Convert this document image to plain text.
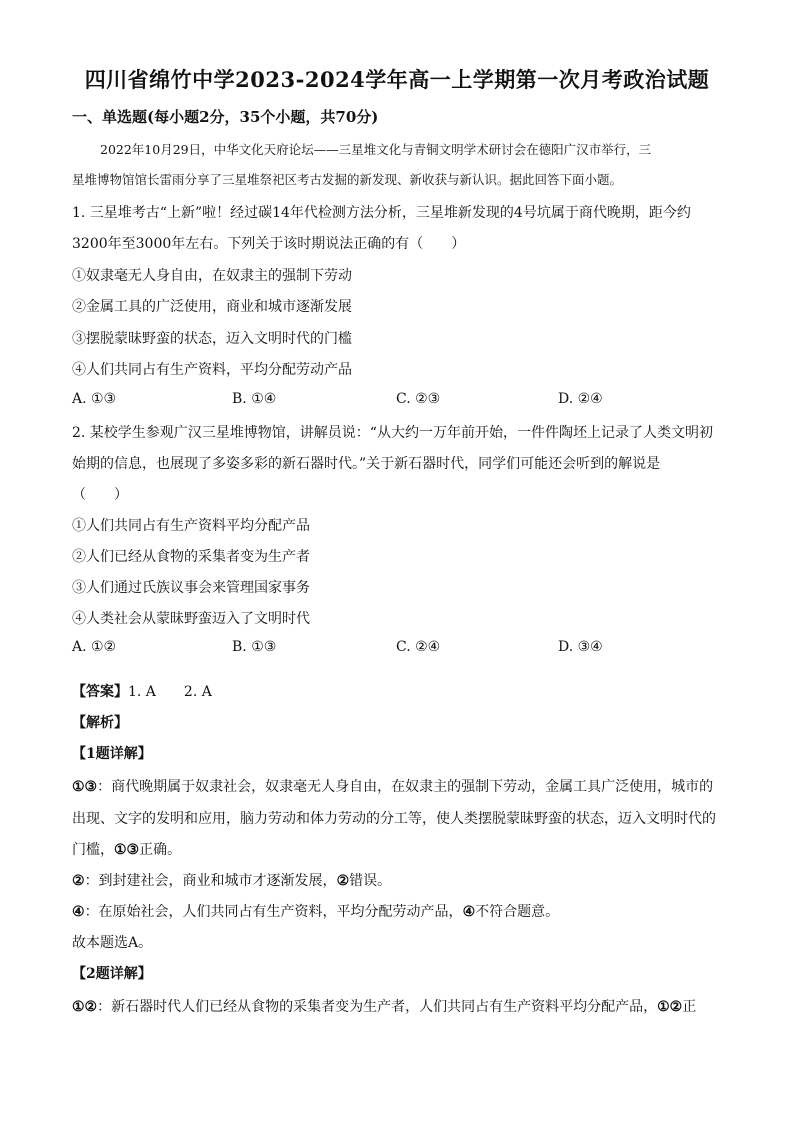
四川省绵竹中学2023-2024学年高一上学期第一次月考政治试题
一、单选题(每小题2分，35个小题，共70分)
2022年10月29日，中华文化天府论坛——三星堆文化与青铜文明学术研讨会在德阳广汉市举行，三
星堆博物馆馆长雷雨分享了三星堆祭祀区考古发掘的新发现、新收获与新认识。据此回答下面小题。
1. 三星堆考古“上新”啦！经过碳14年代检测方法分析，三星堆新发现的4号坑属于商代晚期，距今约
3200年至3000年左右。下列关于该时期说法正确的有（　　）
①奴隶毫无人身自由，在奴隶主的强制下劳动
②金属工具的广泛使用，商业和城市逐渐发展
③摆脱蒙昧野蛮的状态，迈入文明时代的门槛
④人们共同占有生产资料，平均分配劳动产品
A. ①③	B. ①④	C. ②③	D. ②④
2. 某校学生参观广汉三星堆博物馆，讲解员说：“从大约一万年前开始，一件件陶坯上记录了人类文明初
始期的信息，也展现了多姿多彩的新石器时代。”关于新石器时代，同学们可能还会听到的解说是
（　　）
①人们共同占有生产资料平均分配产品
②人们已经从食物的采集者变为生产者
③人们通过氏族议事会来管理国家事务
④人类社会从蒙昧野蛮迈入了文明时代
A. ①②	B. ①③	C. ②④	D. ③④
【答案】1. A　　2. A
【解析】
【1题详解】
①③：商代晚期属于奴隶社会，奴隶毫无人身自由，在奴隶主的强制下劳动，金属工具广泛使用，城市的
出现、文字的发明和应用，脑力劳动和体力劳动的分工等，使人类摆脱蒙昧野蛮的状态，迈入文明时代的
门槛，①③正确。
②：到封建社会，商业和城市才逐渐发展，②错误。
④：在原始社会，人们共同占有生产资料，平均分配劳动产品，④不符合题意。
故本题选A。
【2题详解】
①②：新石器时代人们已经从食物的采集者变为生产者，人们共同占有生产资料平均分配产品，①②正
